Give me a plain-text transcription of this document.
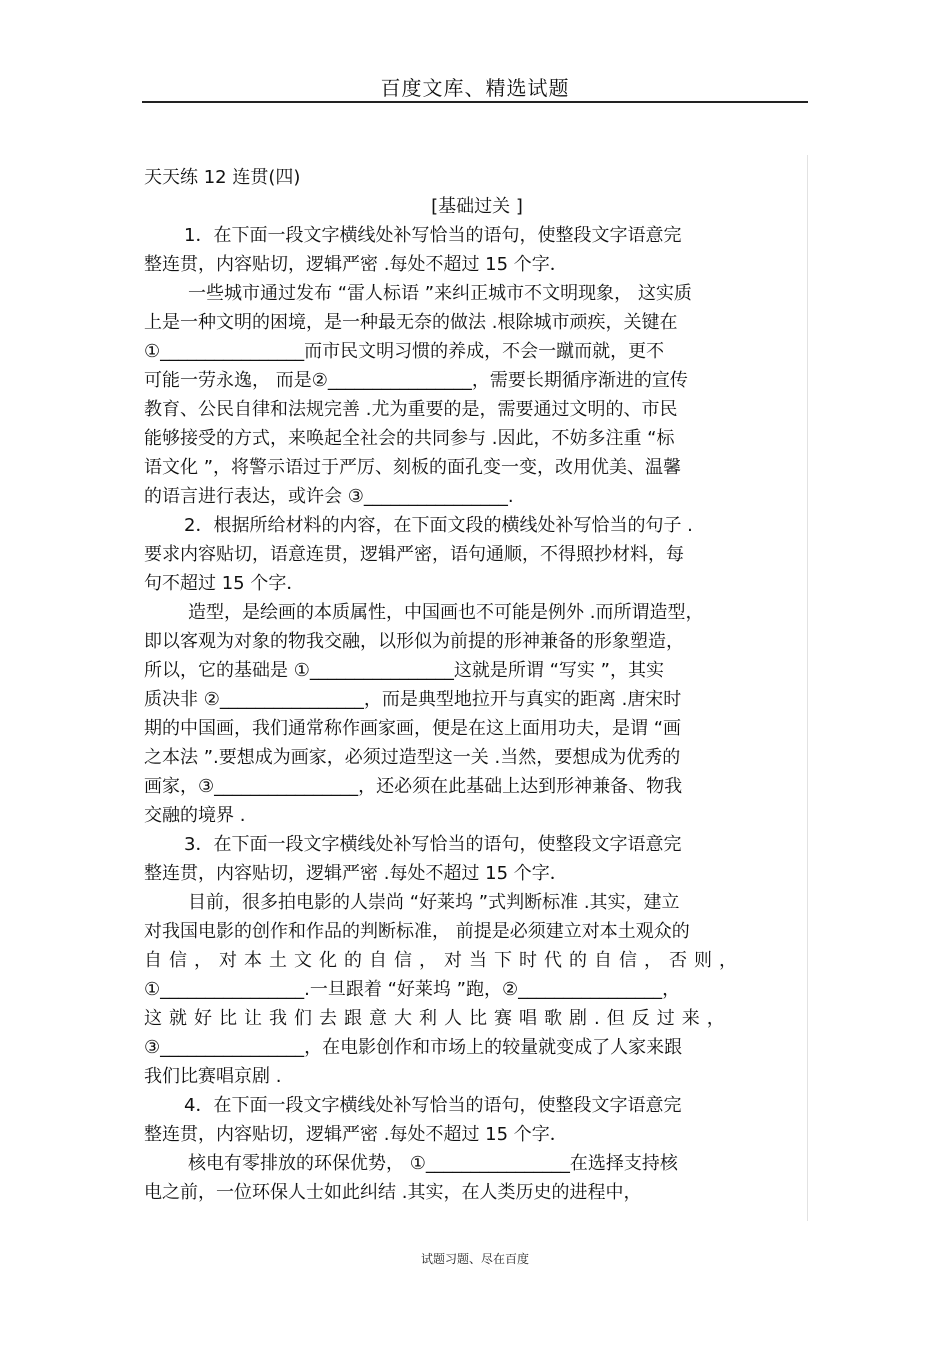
百度文库、精选试题
天天练 12 连贯(四)
[基础过关 ]
1．在下面一段文字横线处补写恰当的语句，使整段文字语意完
整连贯，内容贴切，逻辑严密 .每处不超过 15 个字．
一些城市通过发布 “雷人标语 ”来纠正城市不文明现象， 这实质
上是一种文明的困境，是一种最无奈的做法 .根除城市顽疾，关键在
①________________而市民文明习惯的养成，不会一蹴而就，更不
可能一劳永逸， 而是②________________，需要长期循序渐进的宣传
教育、公民自律和法规完善 .尤为重要的是，需要通过文明的、市民
能够接受的方式，来唤起全社会的共同参与 .因此，不妨多注重 “标
语文化 ”，将警示语过于严厉、刻板的面孔变一变，改用优美、温馨
的语言进行表达，或许会 ③________________.
2．根据所给材料的内容，在下面文段的横线处补写恰当的句子 .
要求内容贴切，语意连贯，逻辑严密，语句通顺，不得照抄材料，每
句不超过 15 个字．
造型，是绘画的本质属性，中国画也不可能是例外 .而所谓造型，
即以客观为对象的物我交融，以形似为前提的形神兼备的形象塑造，
所以，它的基础是 ①________________这就是所谓 “写实 ”，其实
质决非 ②________________，而是典型地拉开与真实的距离 .唐宋时
期的中国画，我们通常称作画家画，便是在这上面用功夫，是谓 “画
之本法 ”.要想成为画家，必须过造型这一关 .当然，要想成为优秀的
画家，③________________，还必须在此基础上达到形神兼备、物我
交融的境界 .
3．在下面一段文字横线处补写恰当的语句，使整段文字语意完
整连贯，内容贴切，逻辑严密 .每处不超过 15 个字．
目前，很多拍电影的人崇尚 “好莱坞 ”式判断标准 .其实，建立
对我国电影的创作和作品的判断标准， 前提是必须建立对本土观众的
自信，对本土文化的自信，对当下时代的自信，否则，
①________________.一旦跟着 “好莱坞 ”跑，②________________，
这就好比让我们去跟意大利人比赛唱歌剧.但反过来，
③________________，在电影创作和市场上的较量就变成了人家来跟
我们比赛唱京剧 .
4．在下面一段文字横线处补写恰当的语句，使整段文字语意完
整连贯，内容贴切，逻辑严密 .每处不超过 15 个字．
核电有零排放的环保优势， ①________________在选择支持核
电之前，一位环保人士如此纠结 .其实，在人类历史的进程中，
试题习题、尽在百度
